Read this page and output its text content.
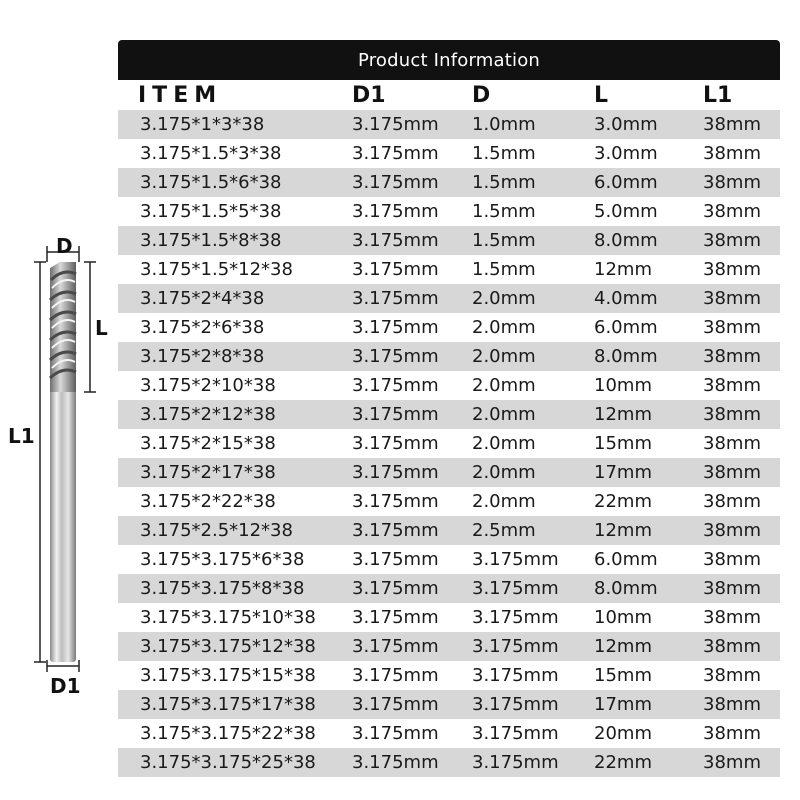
D
L
L1
D1
Product Information
ITEM	D1	D	L	L1
3.175*1*3*38	3.175mm	1.0mm	3.0mm	38mm
3.175*1.5*3*38	3.175mm	1.5mm	3.0mm	38mm
3.175*1.5*6*38	3.175mm	1.5mm	6.0mm	38mm
3.175*1.5*5*38	3.175mm	1.5mm	5.0mm	38mm
3.175*1.5*8*38	3.175mm	1.5mm	8.0mm	38mm
3.175*1.5*12*38	3.175mm	1.5mm	12mm	38mm
3.175*2*4*38	3.175mm	2.0mm	4.0mm	38mm
3.175*2*6*38	3.175mm	2.0mm	6.0mm	38mm
3.175*2*8*38	3.175mm	2.0mm	8.0mm	38mm
3.175*2*10*38	3.175mm	2.0mm	10mm	38mm
3.175*2*12*38	3.175mm	2.0mm	12mm	38mm
3.175*2*15*38	3.175mm	2.0mm	15mm	38mm
3.175*2*17*38	3.175mm	2.0mm	17mm	38mm
3.175*2*22*38	3.175mm	2.0mm	22mm	38mm
3.175*2.5*12*38	3.175mm	2.5mm	12mm	38mm
3.175*3.175*6*38	3.175mm	3.175mm	6.0mm	38mm
3.175*3.175*8*38	3.175mm	3.175mm	8.0mm	38mm
3.175*3.175*10*38	3.175mm	3.175mm	10mm	38mm
3.175*3.175*12*38	3.175mm	3.175mm	12mm	38mm
3.175*3.175*15*38	3.175mm	3.175mm	15mm	38mm
3.175*3.175*17*38	3.175mm	3.175mm	17mm	38mm
3.175*3.175*22*38	3.175mm	3.175mm	20mm	38mm
3.175*3.175*25*38	3.175mm	3.175mm	22mm	38mm
